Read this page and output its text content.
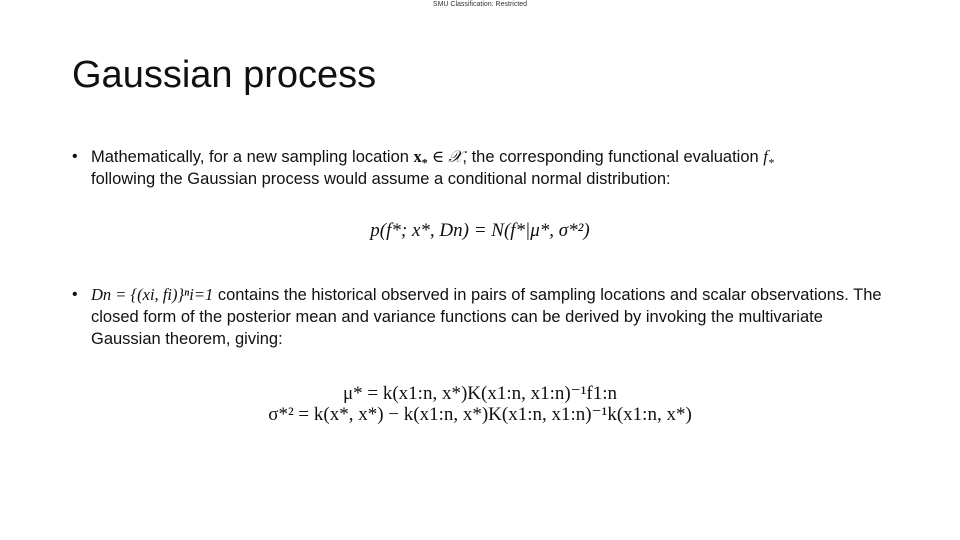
SMU Classification: Restricted
Gaussian process
• Mathematically, for a new sampling location $x_*$ ∈ 𝒳, the corresponding functional evaluation $f_*$
following the Gaussian process would assume a conditional normal distribution:
p(f*; x*, Dn) = N(f*|μ*, σ*²)
• Dn = {(xi, fi)}ⁿi=1 contains the historical observed in pairs of sampling locations and scalar observations. The closed form of the posterior mean and variance functions can be derived by invoking the multivariate Gaussian theorem, giving:
μ* = k(x1:n, x*)K(x1:n, x1:n)⁻¹f1:n
σ*² = k(x*, x*) − k(x1:n, x*)K(x1:n, x1:n)⁻¹k(x1:n, x*)
